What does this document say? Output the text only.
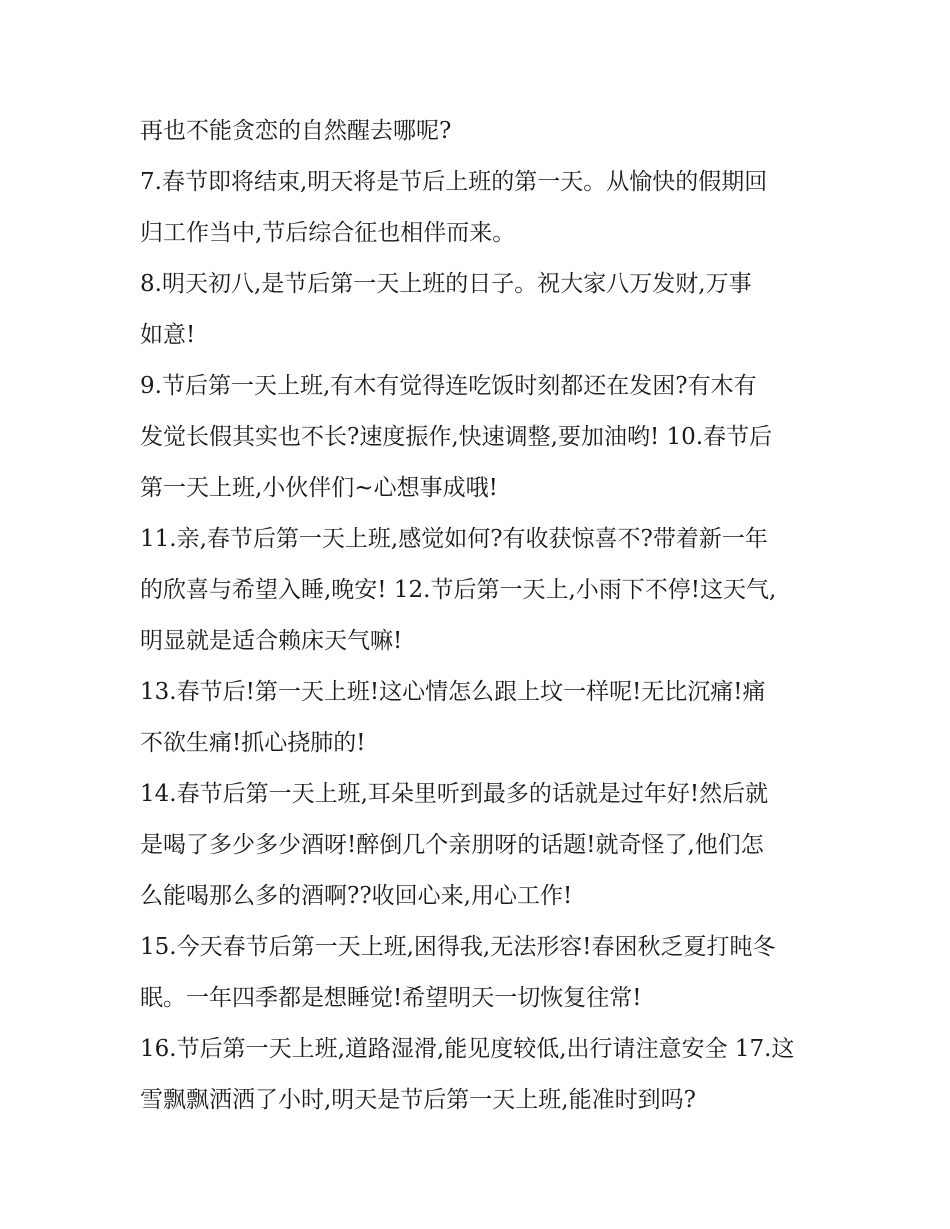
再也不能贪恋的自然醒去哪呢?
7.春节即将结束,明天将是节后上班的第一天。从愉快的假期回
归工作当中,节后综合征也相伴而来。
8.明天初八,是节后第一天上班的日子。祝大家八万发财,万事
如意!
9.节后第一天上班,有木有觉得连吃饭时刻都还在发困?有木有
发觉长假其实也不长?速度振作,快速调整,要加油哟! 10.春节后
第一天上班,小伙伴们~心想事成哦!
11.亲,春节后第一天上班,感觉如何?有收获惊喜不?带着新一年
的欣喜与希望入睡,晚安! 12.节后第一天上,小雨下不停!这天气,
明显就是适合赖床天气嘛!
13.春节后!第一天上班!这心情怎么跟上坟一样呢!无比沉痛!痛
不欲生痛!抓心挠肺的!
14.春节后第一天上班,耳朵里听到最多的话就是过年好!然后就
是喝了多少多少酒呀!醉倒几个亲朋呀的话题!就奇怪了,他们怎
么能喝那么多的酒啊??收回心来,用心工作!
15.今天春节后第一天上班,困得我,无法形容!春困秋乏夏打盹冬
眠。一年四季都是想睡觉!希望明天一切恢复往常!
16.节后第一天上班,道路湿滑,能见度较低,出行请注意安全 17.这
雪飘飘洒洒了小时,明天是节后第一天上班,能准时到吗?
